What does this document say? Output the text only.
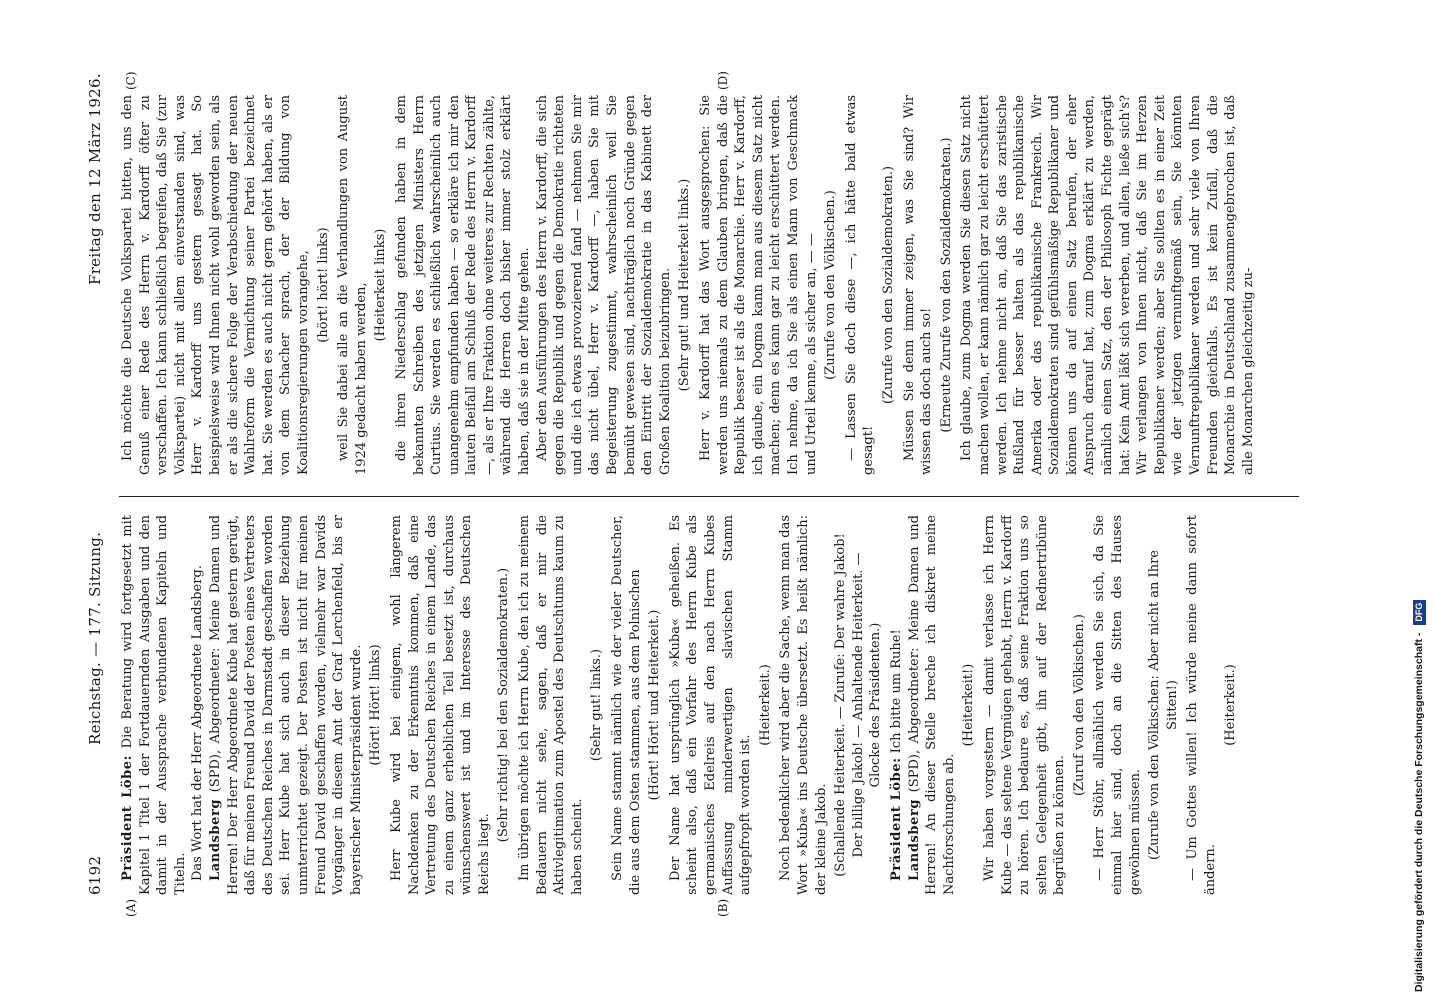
6192
Reichstag. — 177. Sitzung.
Freitag den 12 März 1926.
(A)	(B)
(C)	(D)
Präsident Löbe: Die Beratung wird fortgesetzt mit Kapitel 1 Titel 1 der Fortdauernden Ausgaben und den damit in der Aussprache verbundenen Kapiteln und Titeln. Das Wort hat der Herr Abgeordnete Landsberg. Landsberg (SPD), Abgeordneter: Meine Damen und Herren! Der Herr Abgeordnete Kube hat gestern gerügt, daß für meinen Freund David der Posten eines Vertreters des Deutschen Reiches in Darmstadt geschaffen worden sei. Herr Kube hat sich auch in dieser Beziehung unmterrichtet gezeigt. Der Posten ist nicht für meinen Freund David geschaffen worden, vielmehr war Davids Vorgänger in diesem Amt der Graf Lerchenfeld, bis er bayerischer Ministerpräsident wurde. (Hört! Hört! links) Herr Kube wird bei einigem, wohl längerem Nachdenken zu der Erkenntnis kommen, daß eine Vertretung des Deutschen Reiches in einem Lande, das zu einem ganz erheblichen Teil besetzt ist, durchaus wünschenswert ist und im Interesse des Deutschen Reichs liegt.
(Sehr richtig! bei den Sozialdemokraten.) Im übrigen möchte ich Herrn Kube, den ich zu meinem Bedauern nicht sehe, sagen, daß er mir die Aktivlegitimation zum Apostel des Deutschtums kaum zu haben scheint.
(Sehr gut! links.) Sein Name stammt nämlich wie der vieler Deutscher, die aus dem Osten stammen, aus dem Polnischen (Hört! Hört! und Heiterkeit.) Der Name hat ursprünglich »Kuba« geheißen. Es scheint also, daß ein Vorfahr des Herrn Kube als germanisches Edelreis auf den nach Herrn Kubes Auffassung minderwertigen slavischen Stamm aufgepfropft worden ist.
(Heiterkeit.) Noch bedenklicher wird aber die Sache, wenn man das Wort »Kuba« ins Deutsche übersetzt. Es heißt nämlich: der kleine Jakob. (Schallende Heiterkeit. — Zurufe: Der wahre Jakob! Der billige Jakob! — Anhaltende Heiterkeit. — Glocke des Präsidenten.)
Präsident Löbe: Ich bitte um Ruhe!
Landsberg (SPD), Abgeordneter: Meine Damen und Herren! An dieser Stelle breche ich diskret meine Nachforschungen ab.
(Heiterkeit!) Wir haben vorgestern — damit verlasse ich Herrn Kube — das seltene Vergnügen gehabt, Herrn v. Kardorff zu hören. Ich bedaure es, daß seine Fraktion uns so selten Gelegenheit gibt, ihn auf der Rednertribüne begrüßen zu können.
(Zuruf von den Völkischen.) — Herr Stöhr, allmählich werden Sie sich, da Sie einmal hier sind, doch an die Sitten des Hauses gewöhnen müssen. (Zurufe von den Völkischen: Aber nicht an Ihre Sitten!) — Um Gottes willen! Ich würde meine dann sofort ändern.
(Heiterkeit.)
Ich möchte die Deutsche Volkspartei bitten, uns den Genuß einer Rede des Herrn v. Kardorff öfter zu verschaffen. Ich kann schließlich begreifen, daß Sie (zur Volkspartei) nicht mit allem einverstanden sind, was Herr v. Kardorff uns gestern gesagt hat. So beispielsweise wird Ihnen nicht wohl geworden sein, als er als die sichere Folge der Verabschiedung der neuen Wahlreform die Vernichtung seiner Partei bezeichnet hat. Sie werden es auch nicht gern gehört haben, als er von dem Schacher sprach, der der Bildung von Koalitionsregierungen vorangehe, (hört! hört! links) weil Sie dabei alle an die Verhandlungen von August 1924 gedacht haben werden, (Heiterkeit links) die ihren Niederschlag gefunden haben in dem bekannten Schreiben des jetzigen Ministers Herrn Curtius. Sie werden es schließlich wahrscheinlich auch unangenehm empfunden haben — so erkläre ich mir den lauten Beifall am Schluß der Rede des Herrn v. Kardorff —, als er Ihre Fraktion ohne weiteres zur Rechten zählte, während die Herren doch bisher immer stolz erklärt haben, daß sie in der Mitte gehen. Aber den Ausführungen des Herrn v. Kardorff, die sich gegen die Republik und gegen die Demokratie richteten und die ich etwas provozierend fand — nehmen Sie mir das nicht übel, Herr v. Kardorff —, haben Sie mit Begeisterung zugestimmt, wahrscheinlich weil Sie bemüht gewesen sind, nachträglich noch Gründe gegen den Eintritt der Sozialdemokratie in das Kabinett der Großen Koalition beizubringen. (Sehr gut! und Heiterkeit links.) Herr v. Kardorff hat das Wort ausgesprochen: Sie werden uns niemals zu dem Glauben bringen, daß die Republik besser ist als die Monarchie. Herr v. Kardorff, ich glaube, ein Dogma kann man aus diesem Satz nicht machen; denn es kann gar zu leicht erschüttert werden. Ich nehme, da ich Sie als einen Mann von Geschmack und Urteil kenne, als sicher an, — — (Zurufe von den Völkischen.) — Lassen Sie doch diese —, ich hätte bald etwas gesagt!
(Zurufe von den Sozialdemokraten.) Müssen Sie denn immer zeigen, was Sie sind? Wir wissen das doch auch so! (Erneute Zurufe von den Sozialdemokraten.) Ich glaube, zum Dogma werden Sie diesen Satz nicht machen wollen, er kann nämlich gar zu leicht erschüttert werden. Ich nehme nicht an, daß Sie das zaristische Rußland für besser halten als das republikanische Amerika oder das republikanische Frankreich. Wir Sozialdemokraten sind gefühlsmäßige Republikaner und können uns da auf einen Satz berufen, der eher Anspruch darauf hat, zum Dogma erklärt zu werden, nämlich einen Satz, den der Philosoph Fichte geprägt hat: Kein Amt läßt sich vererben, und allen, ließe sich's? Wir verlangen von Ihnen nicht, daß Sie im Herzen Republikaner werden; aber Sie sollten es in einer Zeit wie der jetzigen vernunftgemäß sein, Sie könnten Vernunftrepublikaner werden und sehr viele von Ihren Freunden gleichfalls. Es ist kein Zufall, daß die Monarchie in Deutschland zusammengebrochen ist, daß alle Monarchen gleichzeitig zu-
Digitalisierung gefördert durch die Deutsche Forschungsgemeinschaft -
DFG
